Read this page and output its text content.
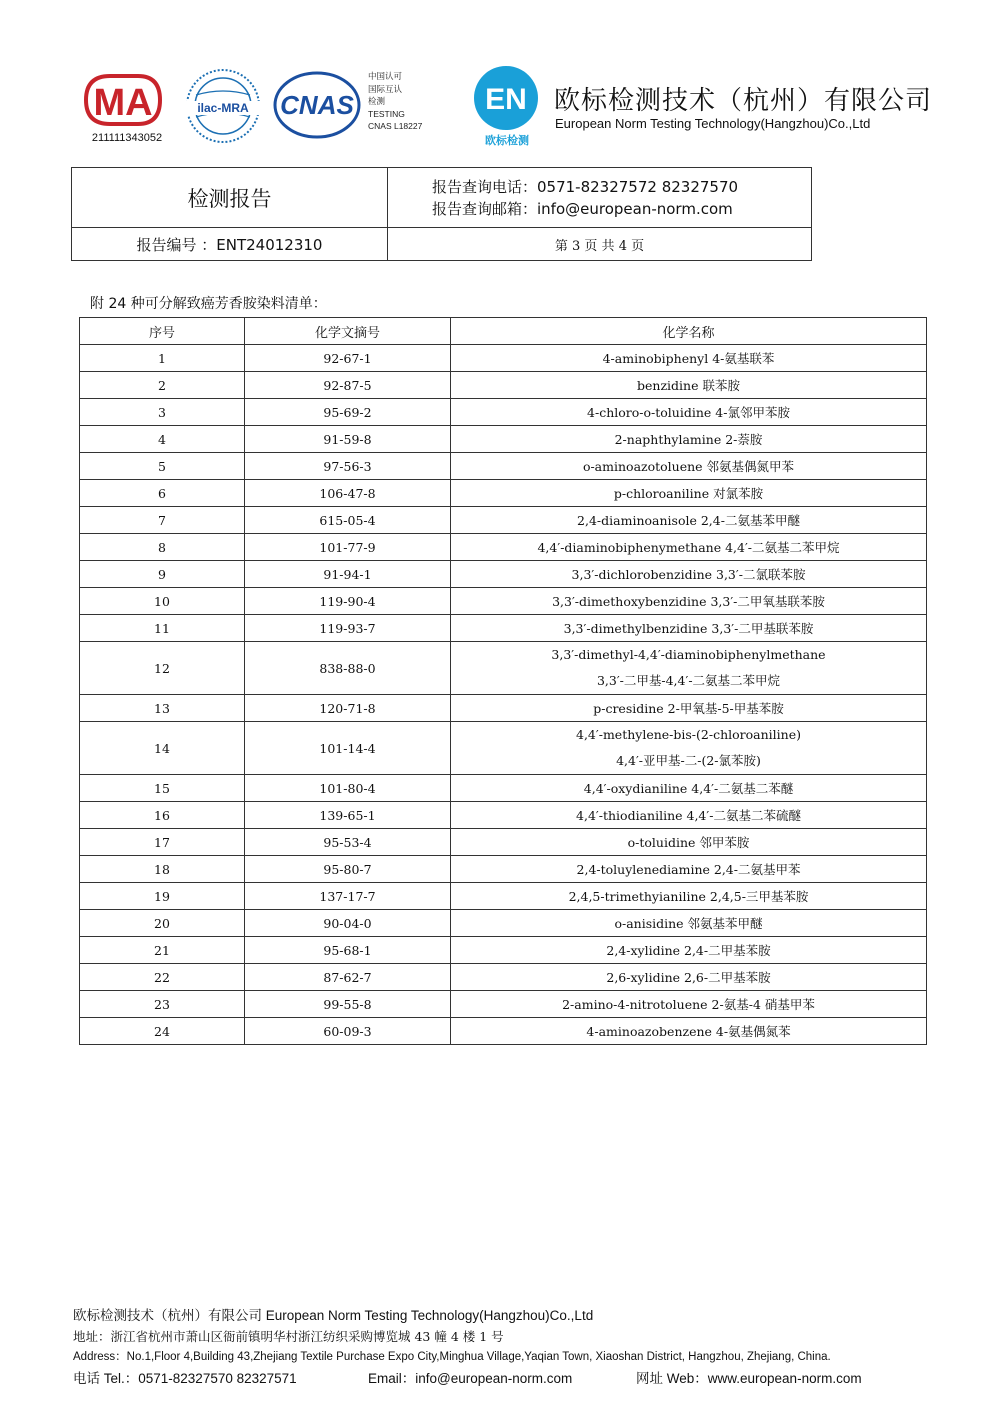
MA
211111343052
ilac-MRA CNAS
中国认可
国际互认
检测
TESTING
CNAS L18227
EN
欧标检测
欧标检测技术（杭州）有限公司
European Norm Testing Technology(Hangzhou)Co.,Ltd
检测报告	报告查询电话：0571-82327572 82327570
报告查询邮箱：info@european-norm.com

报告编号 ：ENT24012310	第 3 页 共 4 页
附 24 种可分解致癌芳香胺染料清单：
序号	化学文摘号	化学名称
1	92-67-1	4-aminobiphenyl 4-氨基联苯

2	92-87-5	benzidine 联苯胺

3	95-69-2	4-chloro-o-toluidine 4-氯邻甲苯胺

4	91-59-8	2-naphthylamine 2-萘胺

5	97-56-3	o-aminoazotoluene 邻氨基偶氮甲苯

6	106-47-8	p-chloroaniline 对氯苯胺

7	615-05-4	2,4-diaminoanisole 2,4-二氨基苯甲醚

8	101-77-9	4,4′-diaminobiphenymethane 4,4′-二氨基二苯甲烷

9	91-94-1	3,3′-dichlorobenzidine 3,3′-二氯联苯胺

10	119-90-4	3,3′-dimethoxybenzidine 3,3′-二甲氧基联苯胺

11	119-93-7	3,3′-dimethylbenzidine 3,3′-二甲基联苯胺

12	838-88-0	3,3′-dimethyl-4,4′-diaminobiphenylmethane
3,3′-二甲基-4,4′-二氨基二苯甲烷

13	120-71-8	p-cresidine 2-甲氧基-5-甲基苯胺

14	101-14-4	4,4′-methylene-bis-(2-chloroaniline)
4,4′-亚甲基-二-(2-氯苯胺)

15	101-80-4	4,4′-oxydianiline 4,4′-二氨基二苯醚

16	139-65-1	4,4′-thiodianiline 4,4′-二氨基二苯硫醚

17	95-53-4	o-toluidine 邻甲苯胺

18	95-80-7	2,4-toluylenediamine 2,4-二氨基甲苯

19	137-17-7	2,4,5-trimethyianiline 2,4,5-三甲基苯胺

20	90-04-0	o-anisidine 邻氨基苯甲醚

21	95-68-1	2,4-xylidine 2,4-二甲基苯胺

22	87-62-7	2,6-xylidine 2,6-二甲基苯胺

23	99-55-8	2-amino-4-nitrotoluene 2-氨基-4 硝基甲苯

24	60-09-3	4-aminoazobenzene 4-氨基偶氮苯
欧标检测技术（杭州）有限公司 European Norm Testing Technology(Hangzhou)Co.,Ltd
地址：浙江省杭州市萧山区衙前镇明华村浙江纺织采购博览城 43 幢 4 楼 1 号
Address：No.1,Floor 4,Building 43,Zhejiang Textile Purchase Expo City,Minghua Village,Yaqian Town, Xiaoshan District, Hangzhou, Zhejiang, China.
电话 Tel.：0571-82327570 82327571	Email：info@european-norm.com	网址 Web：www.european-norm.com
